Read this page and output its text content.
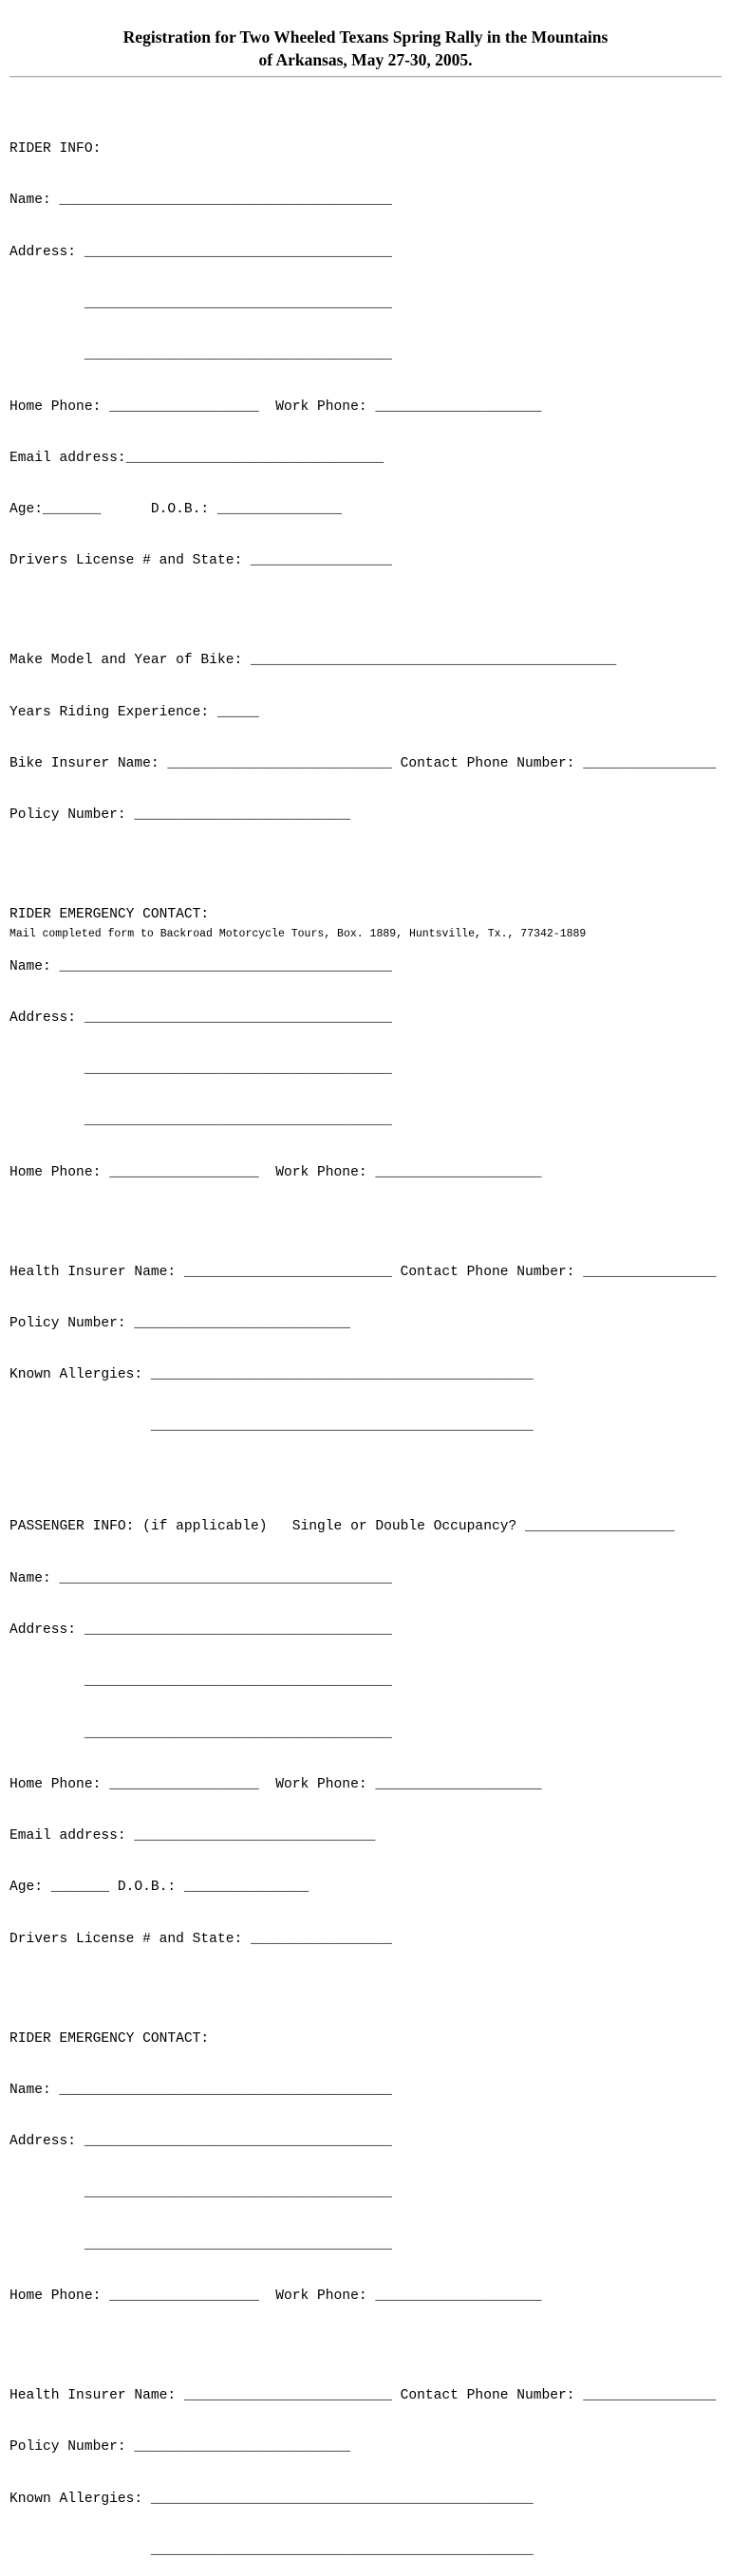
Registration for Two Wheeled Texans Spring Rally in the Mountains
of Arkansas, May 27-30, 2005.

RIDER INFO:

Name: ________________________________________

Address: _____________________________________

_____________________________________

_____________________________________

Home Phone: __________________  Work Phone: ____________________

Email address:_______________________________

Age:_______      D.O.B.: _______________

Drivers License # and State: _________________

Make Model and Year of Bike: ____________________________________________

Years Riding Experience: _____

Bike Insurer Name: ___________________________ Contact Phone Number: ________________

Policy Number: __________________________

RIDER EMERGENCY CONTACT:

Name: ________________________________________

Address: _____________________________________

_____________________________________

_____________________________________

Home Phone: __________________  Work Phone: ____________________

Health Insurer Name: _________________________ Contact Phone Number: ________________

Policy Number: __________________________

Known Allergies: ______________________________________________

______________________________________________

PASSENGER INFO: (if applicable)   Single or Double Occupancy? __________________

Name: ________________________________________

Address: _____________________________________

_____________________________________

_____________________________________

Home Phone: __________________  Work Phone: ____________________

Email address: _____________________________

Age: _______ D.O.B.: _______________

Drivers License # and State: _________________

RIDER EMERGENCY CONTACT:

Name: ________________________________________

Address: _____________________________________

_____________________________________

_____________________________________

Home Phone: __________________  Work Phone: ____________________

Health Insurer Name: _________________________ Contact Phone Number: ________________

Policy Number: __________________________

Known Allergies: ______________________________________________

______________________________________________

Mail completed form to Backroad Motorcycle Tours, Box. 1889, Huntsville, Tx., 77342-1889
